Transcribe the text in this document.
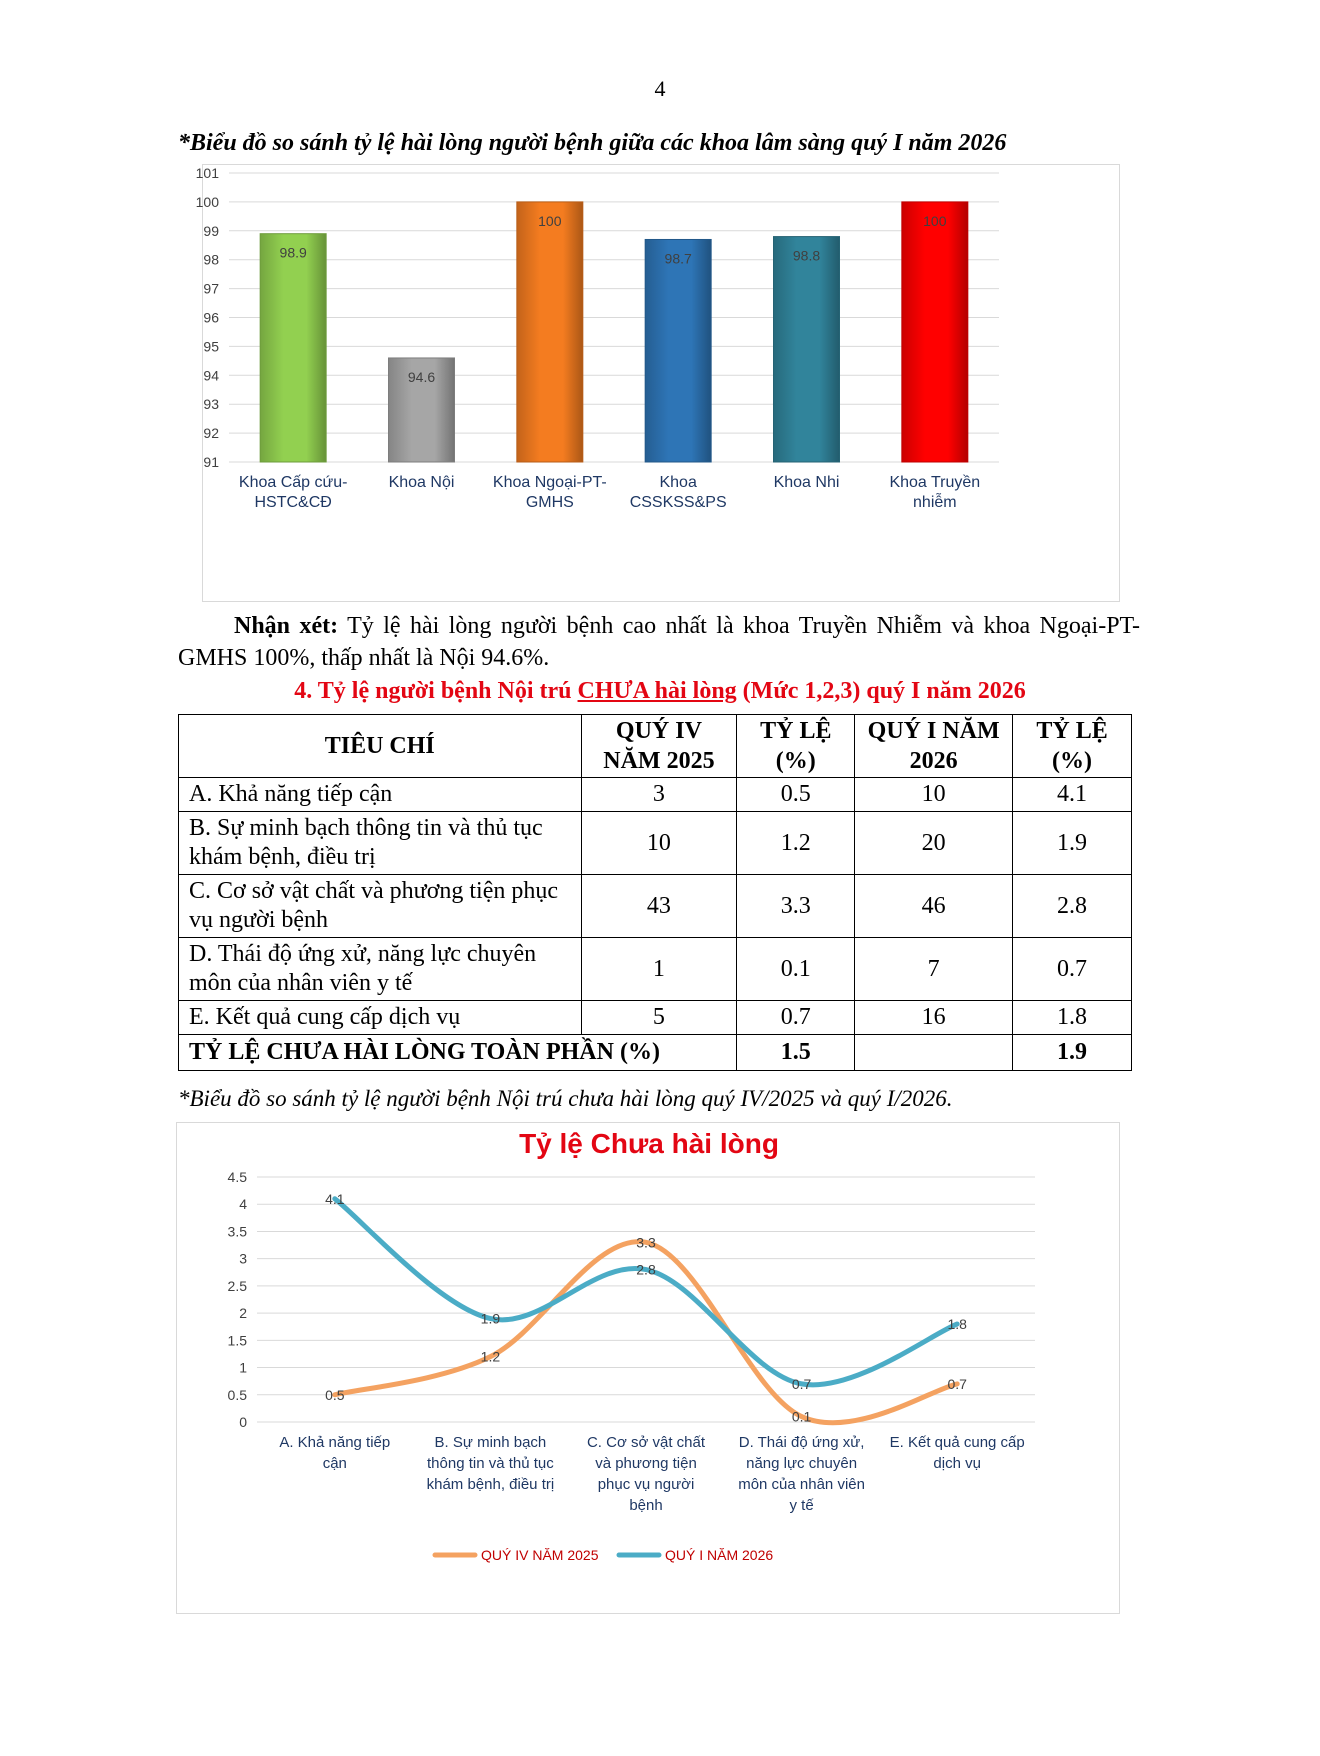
4
*Biểu đồ so sánh tỷ lệ hài lòng người bệnh giữa các khoa lâm sàng quý I năm 2026
91
92
93
94
95
96
97
98
99
100
101
98.9
Khoa Cấp cứu-
HSTC&CĐ
94.6
Khoa Nội
100
Khoa Ngoại-PT-
GMHS
98.7
Khoa
CSSKSS&PS
98.8
Khoa Nhi
100
Khoa Truyền
nhiễm
Nhận xét: Tỷ lệ hài lòng người bệnh cao nhất là khoa Truyền Nhiễm và khoa Ngoại-PT-GMHS 100%, thấp nhất là Nội 94.6%.
4. Tỷ lệ người bệnh Nội trú CHƯA hài lòng (Mức 1,2,3) quý I năm 2026
TIÊU CHÍ	QUÝ IV NĂM 2025	TỶ LỆ (%)	QUÝ I NĂM 2026	TỶ LỆ (%)
A. Khả năng tiếp cận	3	0.5	10	4.1
B. Sự minh bạch thông tin và thủ tục khám bệnh, điều trị	10	1.2	20	1.9
C. Cơ sở vật chất và phương tiện phục vụ người bệnh	43	3.3	46	2.8
D. Thái độ ứng xử, năng lực chuyên môn của nhân viên y tế	1	0.1	7	0.7
E. Kết quả cung cấp dịch vụ	5	0.7	16	1.8
TỶ LỆ CHƯA HÀI LÒNG TOÀN PHẦN (%)		1.5		1.9
*Biểu đồ so sánh tỷ lệ người bệnh Nội trú chưa hài lòng quý IV/2025 và quý I/2026.
Tỷ lệ Chưa hài lòng
0
0.5
1
1.5
2
2.5
3
3.5
4
4.5
A. Khả năng tiếp
cận
B. Sự minh bạch
thông tin và thủ tục
khám bệnh, điều trị
C. Cơ sở vật chất
và phương tiện
phục vụ người
bệnh
D. Thái độ ứng xử,
năng lực chuyên
môn của nhân viên
y tế
E. Kết quả cung cấp
dịch vụ
0.5
1.2
3.3
0.1
0.7
4.1
1.9
2.8
0.7
1.8
QUÝ IV NĂM 2025	QUÝ I NĂM 2026
